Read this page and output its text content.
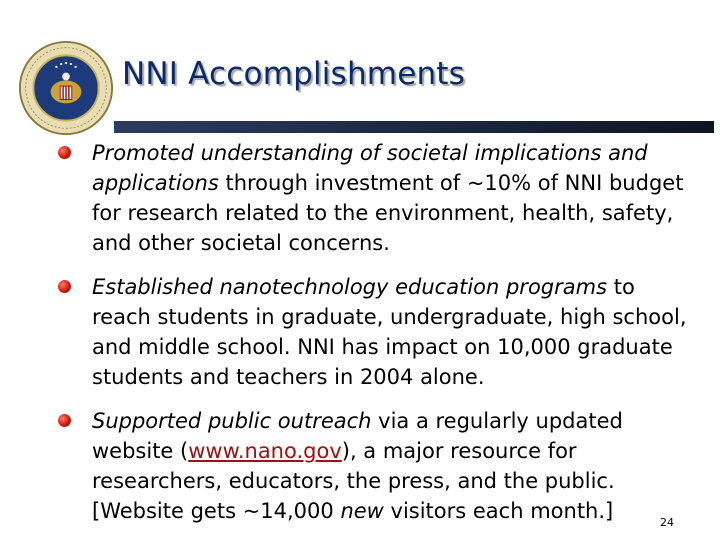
NNI Accomplishments
Promoted understanding of societal implications and applications through investment of ~10% of NNI budget for research related to the environment, health, safety, and other societal concerns.
Established nanotechnology education programs to reach students in graduate, undergraduate, high school, and middle school. NNI has impact on 10,000 graduate students and teachers in 2004 alone.
Supported public outreach via a regularly updated website (www.nano.gov), a major resource for researchers, educators, the press, and the public. [Website gets ~14,000 new visitors each month.]	24
